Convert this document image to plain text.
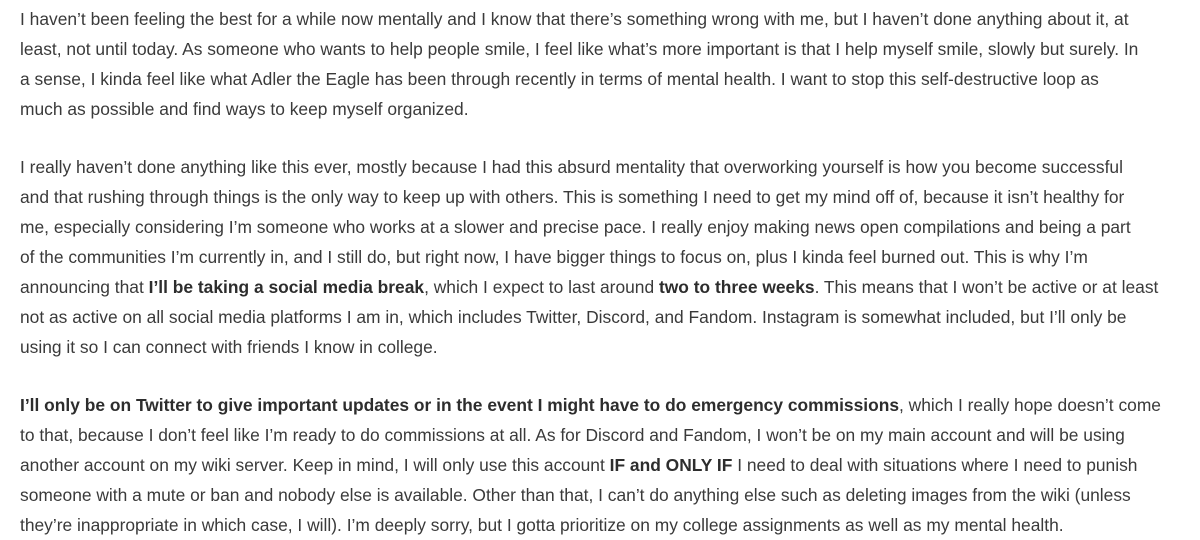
I haven’t been feeling the best for a while now mentally and I know that there’s something wrong with me, but I haven’t done anything about it, at
least, not until today. As someone who wants to help people smile, I feel like what’s more important is that I help myself smile, slowly but surely. In
a sense, I kinda feel like what Adler the Eagle has been through recently in terms of mental health. I want to stop this self-destructive loop as
much as possible and find ways to keep myself organized.

I really haven’t done anything like this ever, mostly because I had this absurd mentality that overworking yourself is how you become successful
and that rushing through things is the only way to keep up with others. This is something I need to get my mind off of, because it isn’t healthy for
me, especially considering I’m someone who works at a slower and precise pace. I really enjoy making news open compilations and being a part
of the communities I’m currently in, and I still do, but right now, I have bigger things to focus on, plus I kinda feel burned out. This is why I’m
announcing that I’ll be taking a social media break, which I expect to last around two to three weeks. This means that I won’t be active or at least
not as active on all social media platforms I am in, which includes Twitter, Discord, and Fandom. Instagram is somewhat included, but I’ll only be
using it so I can connect with friends I know in college.

I’ll only be on Twitter to give important updates or in the event I might have to do emergency commissions, which I really hope doesn’t come
to that, because I don’t feel like I’m ready to do commissions at all. As for Discord and Fandom, I won’t be on my main account and will be using
another account on my wiki server. Keep in mind, I will only use this account IF and ONLY IF I need to deal with situations where I need to punish
someone with a mute or ban and nobody else is available. Other than that, I can’t do anything else such as deleting images from the wiki (unless
they’re inappropriate in which case, I will). I’m deeply sorry, but I gotta prioritize on my college assignments as well as my mental health.
